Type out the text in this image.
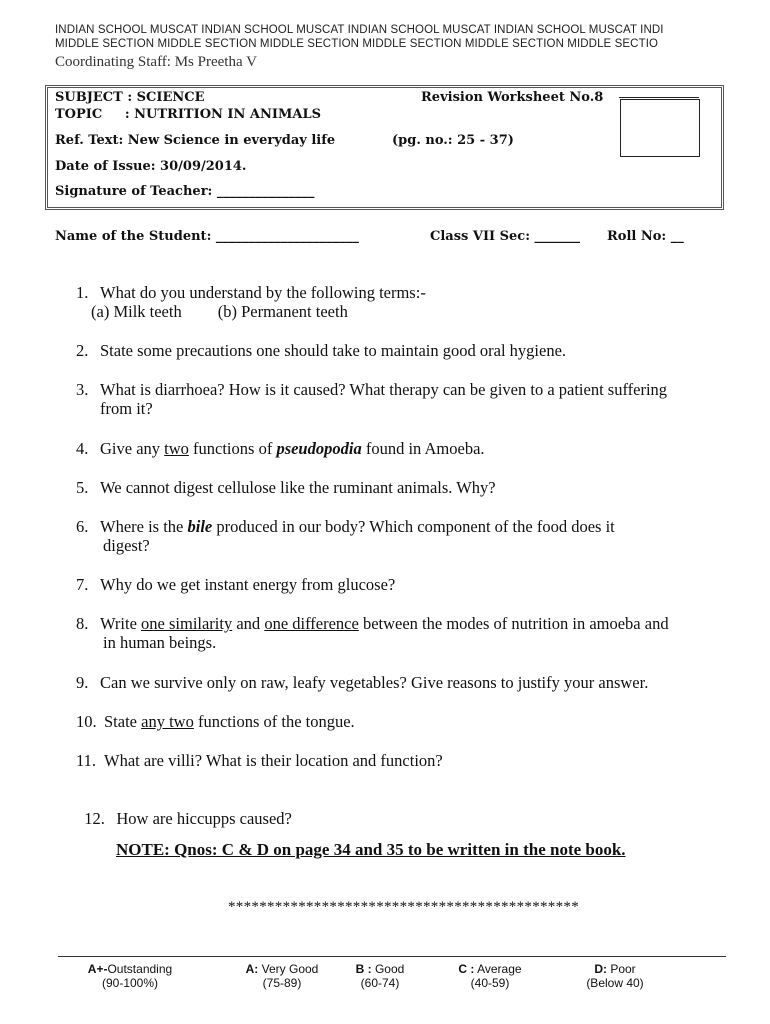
INDIAN SCHOOL MUSCAT INDIAN SCHOOL MUSCAT INDIAN SCHOOL MUSCAT INDIAN SCHOOL MUSCAT INDI
MIDDLE SECTION MIDDLE SECTION MIDDLE SECTION MIDDLE SECTION MIDDLE SECTION MIDDLE SECTIO
Coordinating Staff: Ms Preetha V
SUBJECT : SCIENCE
TOPIC     : NUTRITION IN ANIMALS
Revision Worksheet No.8
Ref. Text: New Science in everyday life	(pg. no.: 25 - 37)
Date of Issue: 30/09/2014.
Signature of Teacher: _______________
Name of the Student: ______________________	Class VII Sec: _______ Roll No: __
1. What do you understand by the following terms:-
(a) Milk teeth (b) Permanent teeth
2. State some precautions one should take to maintain good oral hygiene.
3. What is diarrhoea? How is it caused? What therapy can be given to a patient suffering
from it?
4. Give any two functions of pseudopodia found in Amoeba.
5. We cannot digest cellulose like the ruminant animals. Why?
6. Where is the bile produced in our body? Which component of the food does it
digest?
7. Why do we get instant energy from glucose?
8. Write one similarity and one difference between the modes of nutrition in amoeba and
in human beings.
9. Can we survive only on raw, leafy vegetables? Give reasons to justify your answer.
10. State any two functions of the tongue.
11. What are villi? What is their location and function?

12. How are hiccupps caused?

NOTE: Qnos: C & D on page 34 and 35 to be written in the note book.
*********************************************
A+-Outstanding
(90-100%)
A: Very Good
(75-89)
B : Good
(60-74)
C : Average
(40-59)
D: Poor
(Below 40)
